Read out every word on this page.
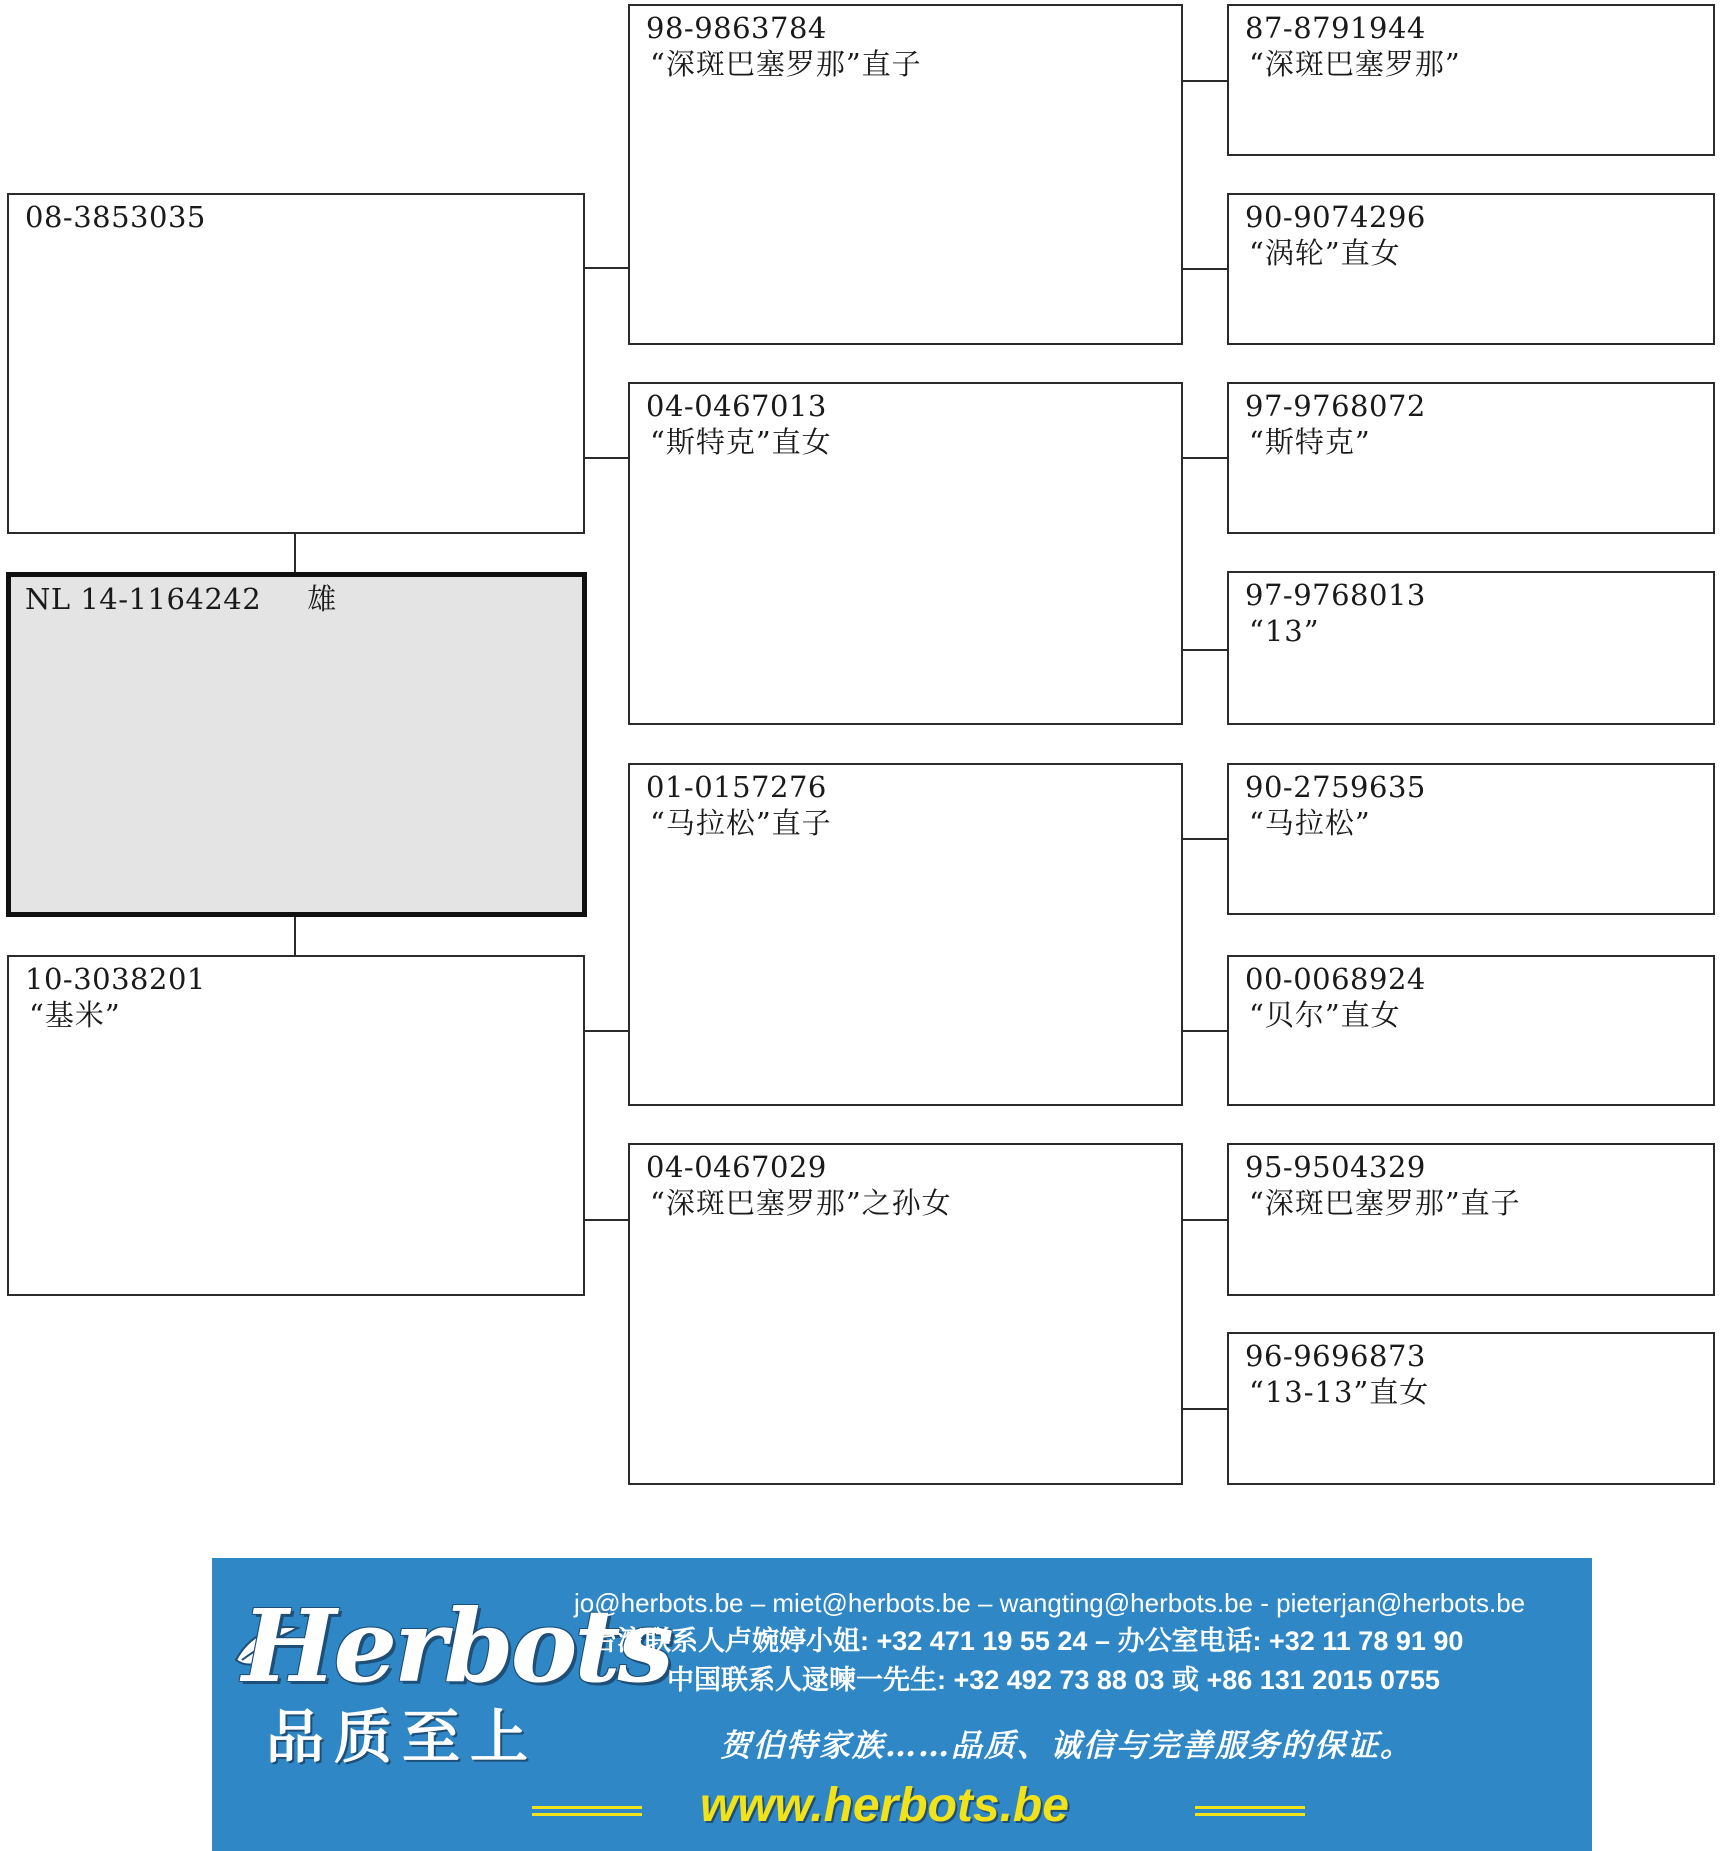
08-3853035
NL 14-1164242 雄
10-3038201
“基米”
98-9863784
“深斑巴塞罗那”直子
04-0467013
“斯特克”直女
01-0157276
“马拉松”直子
04-0467029
“深斑巴塞罗那”之孙女
87-8791944
“深斑巴塞罗那”
90-9074296
“涡轮”直女
97-9768072
“斯特克”
97-9768013
“13”
90-2759635
“马拉松”
00-0068924
“贝尔”直女
95-9504329
“深斑巴塞罗那”直子
96-9696873
“13-13”直女
Herbots
品质至上
jo@herbots.be – miet@herbots.be – wangting@herbots.be - pieterjan@herbots.be
台湾联系人卢婉婷小姐: +32 471 19 55 24 – 办公室电话: +32 11 78 91 90
中国联系人逯暕一先生: +32 492 73 88 03 或 +86 131 2015 0755
贺伯特家族……品质、诚信与完善服务的保证。
www.herbots.be
